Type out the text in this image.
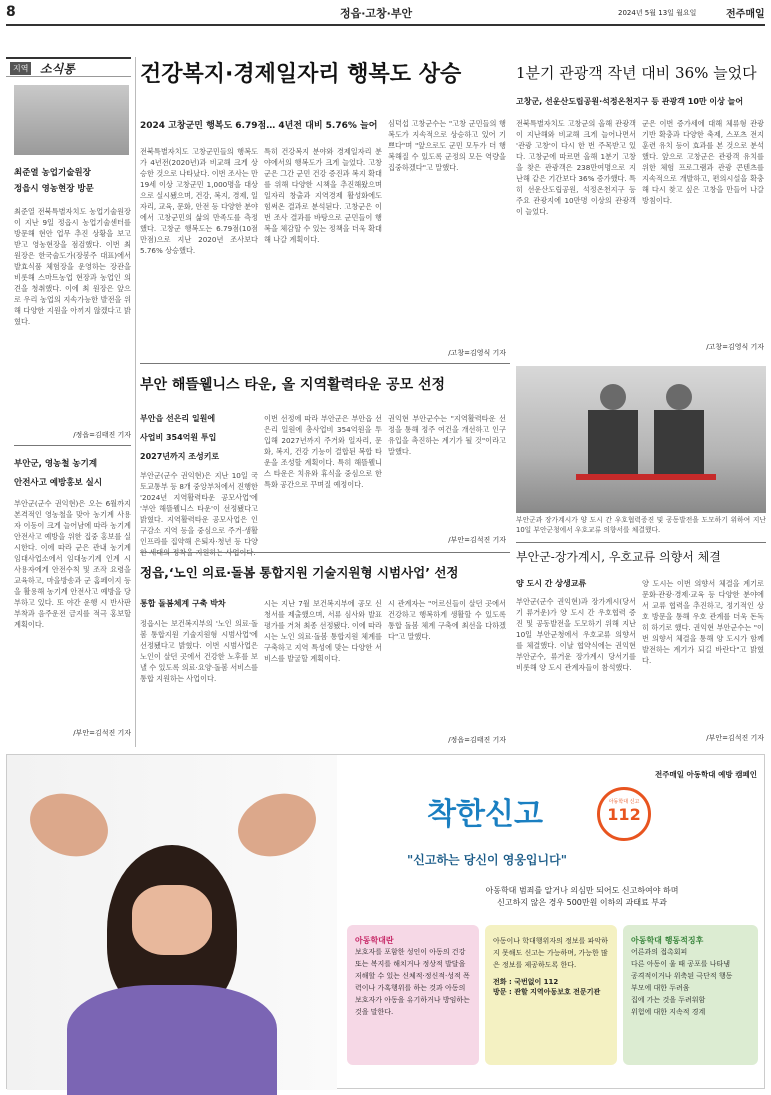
8	정읍·고창·부안	2024년 5월 13일 월요일	전주매일
지역 소식통
최준열 농업기술원장
정읍시 영농현장 방문
최준열 전북특별자치도 농업기술원장이 지난 9일 정읍시 농업기술센터를 방문해 현안 업무 추진 상황을 보고 받고 영농현장을 점검했다. 이번 최 원장은 한국술도가(장봉주 대표)에서 발효식품 체험장을 운영하는 장관을 비롯해 스마트농업 현장과 농업인 의견을 청취했다. 이에 최 원장은 앞으로 우리 농업의 지속가능한 발전을 위해 다양한 지원을 아끼지 않겠다고 밝혔다.
/정읍=김태진 기자
부안군, 영농철 농기계
안전사고 예방홍보 실시
부안군(군수 권익현)은 오는 6월까지 본격적인 영농철을 맞아 농기계 사용자 이동이 크게 늘어남에 따라 농기계 안전사고 예방을 위한 집중 홍보를 실시한다. 이에 따라 군은 관내 농기계 임대사업소에서 임대농기계 인계 시 사용자에게 안전수칙 및 조작 요령을 교육하고, 마을방송과 군 홈페이지 등을 활용해 농기계 안전사고 예방을 당부하고 있다. 또 야간 운행 시 반사판 부착과 음주운전 금지를 적극 홍보할 계획이다.
/부안=김석진 기자
건강복지·경제일자리 행복도 상승
2024 고창군민 행복도 6.79점… 4년전 대비 5.76% 늘어
전북특별자치도 고창군민들의 행복도가 4년전(2020년)과 비교해 크게 상승한 것으로 나타났다. 이번 조사는 만 19세 이상 고창군민 1,000명을 대상으로 실시됐으며, 건강, 복지, 경제, 일자리, 교육, 문화, 안전 등 다양한 분야에서 고창군민의 삶의 만족도를 측정했다. 고창군 행복도는 6.79점(10점 만점)으로 지난 2020년 조사보다 5.76% 상승했다.
특히 건강복지 분야와 경제일자리 분야에서의 행복도가 크게 늘었다. 고창군은 그간 군민 건강 증진과 복지 확대를 위해 다양한 시책을 추진해왔으며 일자리 창출과 지역경제 활성화에도 힘써온 결과로 분석된다. 고창군은 이번 조사 결과를 바탕으로 군민들이 행복을 체감할 수 있는 정책을 더욱 확대해 나갈 계획이다.
심덕섭 고창군수는 "고창 군민들의 행복도가 지속적으로 상승하고 있어 기쁘다"며 "앞으로도 군민 모두가 더 행복해질 수 있도록 군정의 모든 역량을 집중하겠다"고 말했다.
/고창=김영식 기자
1분기 관광객 작년 대비 36% 늘었다
고창군, 선운산도립공원·석정온천지구 등 관광객 10만 이상 늘어
전북특별자치도 고창군의 올해 관광객이 지난해와 비교해 크게 늘어나면서 '관광 고창'이 다시 한 번 주목받고 있다. 고창군에 따르면 올해 1분기 고창을 찾은 관광객은 238만여명으로 지난해 같은 기간보다 36% 증가했다. 특히 선운산도립공원, 석정온천지구 등 주요 관광지에 10만명 이상의 관광객이 늘었다.
군은 이번 증가세에 대해 체류형 관광 기반 확충과 다양한 축제, 스포츠 전지훈련 유치 등이 효과를 본 것으로 분석했다. 앞으로 고창군은 관광객 유치를 위한 체험 프로그램과 관광 콘텐츠를 지속적으로 개발하고, 편의시설을 확충해 다시 찾고 싶은 고창을 만들어 나갈 방침이다.
/고창=김영식 기자
부안 해뜰웰니스 타운, 올 지역활력타운 공모 선정
부안읍 선은리 일원에
사업비 354억원 투입
2027년까지 조성키로
부안군(군수 권익현)은 지난 10일 국토교통부 등 8개 중앙부처에서 진행한 '2024년 지역활력타운 공모사업'에 '부안 해뜰웰니스 타운'이 선정됐다고 밝혔다. 지역활력타운 공모사업은 인구감소 지역 등을 중심으로 주거·생활 인프라를 집약해 은퇴자·청년 등 다양
이번 선정에 따라 부안군은 부안읍 선은리 일원에 총사업비 354억원을 투입해 2027년까지 주거와 일자리, 문화, 복지, 건강 기능이 결합된 복합 타운을 조성할 계획이다. 특히 해뜰웰니스 타운은 치유와 휴식을 중심으로 한 특화 공간으로 꾸며질 예정이다.
권익현 부안군수는 "지역활력타운 선정을 통해 정주 여건을 개선하고 인구 유입을 촉진하는 계기가 될 것"이라고 말했다.
/부안=김석진 기자
부안군과 장가계시가 양 도시 간 우호협력증진 및 공동발전을 도모하기 위하여 지난 10일 부안군청에서 우호교류 의향서를 체결했다.
부안군-장가계시, 우호교류 의향서 체결
양 도시 간 상생교류
부안군(군수 권익현)과 장가계시(당서기 류거운)가 양 도시 간 우호협력 증진 및 공동발전을 도모하기 위해 지난 10일 부안군청에서 우호교류 의향서를 체결했다. 이날 협약식에는 권익현 부안군수, 류거운 장가계시 당서기를 비롯해 양 도시 관계자들이 참석했다.
양 도시는 이번 의향서 체결을 계기로 문화·관광·경제·교육 등 다양한 분야에서 교류 협력을 추진하고, 정기적인 상호 방문을 통해 우호 관계를 더욱 돈독히 하기로 했다. 권익현 부안군수는 "이번 의향서 체결을 통해 양 도시가 함께 발전하는 계기가 되길 바란다"고 밝혔다.
/부안=김석진 기자
정읍,‘노인 의료·돌봄 통합지원 기술지원형 시범사업’ 선정
통합 돌봄체계 구축 박차
정읍시는 보건복지부의 '노인 의료·돌봄 통합지원 기술지원형 시범사업'에 선정됐다고 밝혔다. 이번 시범사업은 노인이 살던 곳에서 건강한 노후를 보낼 수 있도록 의료·요양·돌봄 서비스를 통합 지원하는 사업이다.
시는 지난 7월 보건복지부에 공모 신청서를 제출했으며, 서류 심사와 발표 평가를 거쳐 최종 선정됐다. 이에 따라 시는 노인 의료·돌봄 통합지원 체계를 구축하고 지역 특성에 맞는 다양한 서비스를 발굴할 계획이다.
시 관계자는 "어르신들이 살던 곳에서 건강하고 행복하게 생활할 수 있도록 통합 돌봄 체계 구축에 최선을 다하겠다"고 말했다.
/정읍=김태진 기자
전주매일 아동학대 예방 캠페인
착한신고	아동학대 신고
112
"신고하는 당신이 영웅입니다"
아동학대 범죄를 알거나 의심만 되어도 신고하여야 하며
신고하지 않은 경우 500만원 이하의 과태료 부과
아동학대란
보호자를 포함한 성인이 아동의 건강 또는 복지를 해치거나 정상적 발달을 저해할 수 있는 신체적·정신적·성적 폭력이나 가혹행위를 하는 것과 아동의 보호자가 아동을 유기하거나 방임하는 것을 말한다.
아동이나 학대행위자의 정보를 파악하지 못해도 신고는 가능하며, 가능한 많은 정보를 제공하도록 한다.
전화 : 국번없이 112
방문 : 관할 지역아동보호 전문기관
아동학대 행동적징후
어른과의 접촉회피
다른 아동이 울 때 공포를 나타냄
공격적이거나 위축된 극단적 행동
부모에 대한 두려움
집에 가는 것을 두려워함
위험에 대한 지속적 경계
